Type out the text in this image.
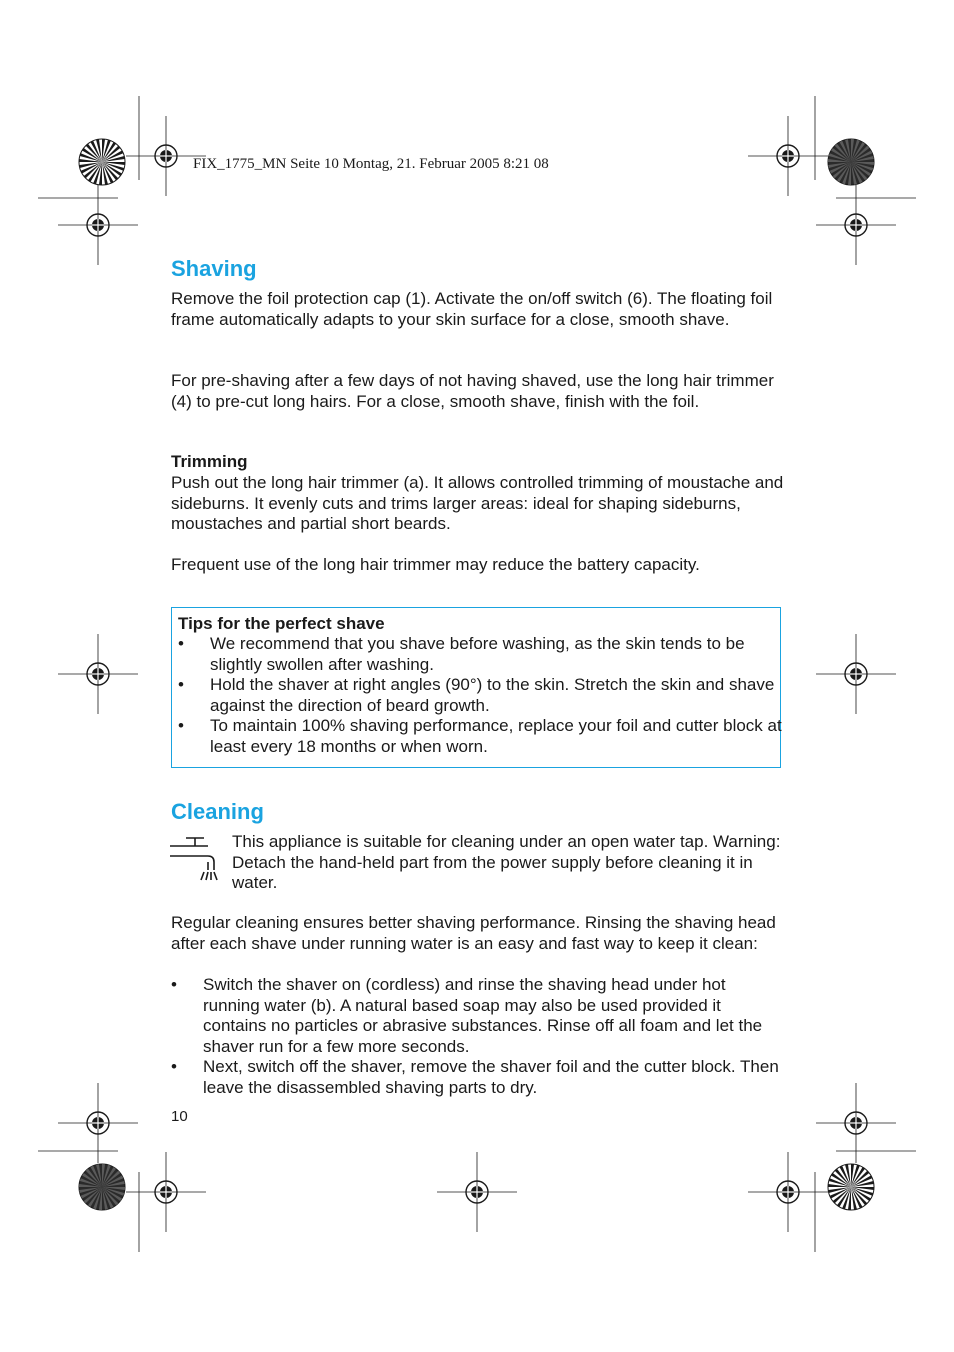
FIX_1775_MN Seite 10 Montag, 21. Februar 2005 8:21 08
Shaving

Remove the foil protection cap (1). Activate the on/off switch (6). The floating foil frame automatically adapts to your skin surface for a close, smooth shave.

For pre-shaving after a few days of not having shaved, use the long hair trimmer (4) to pre-cut long hairs. For a close, smooth shave, finish with the foil.

Trimming

Push out the long hair trimmer (a). It allows controlled trimming of moustache and sideburns. It evenly cuts and trims larger areas: ideal for shaping sideburns, moustaches and partial short beards.

Frequent use of the long hair trimmer may reduce the battery capacity.

Tips for the perfect shave
• We recommend that you shave before washing, as the skin tends to be slightly swollen after washing.
• Hold the shaver at right angles (90°) to the skin. Stretch the skin and shave against the direction of beard growth.
• To maintain 100% shaving performance, replace your foil and cutter block at least every 18 months or when worn.
Cleaning
This appliance is suitable for cleaning under an open water tap. Warning: Detach the hand-held part from the power supply before cleaning it in water.

Regular cleaning ensures better shaving performance. Rinsing the shaving head after each shave under running water is an easy and fast way to keep it clean:

• Switch the shaver on (cordless) and rinse the shaving head under hot running water (b). A natural based soap may also be used provided it contains no particles or abrasive substances. Rinse off all foam and let the shaver run for a few more seconds.
• Next, switch off the shaver, remove the shaver foil and the cutter block. Then leave the disassembled shaving parts to dry.
10
